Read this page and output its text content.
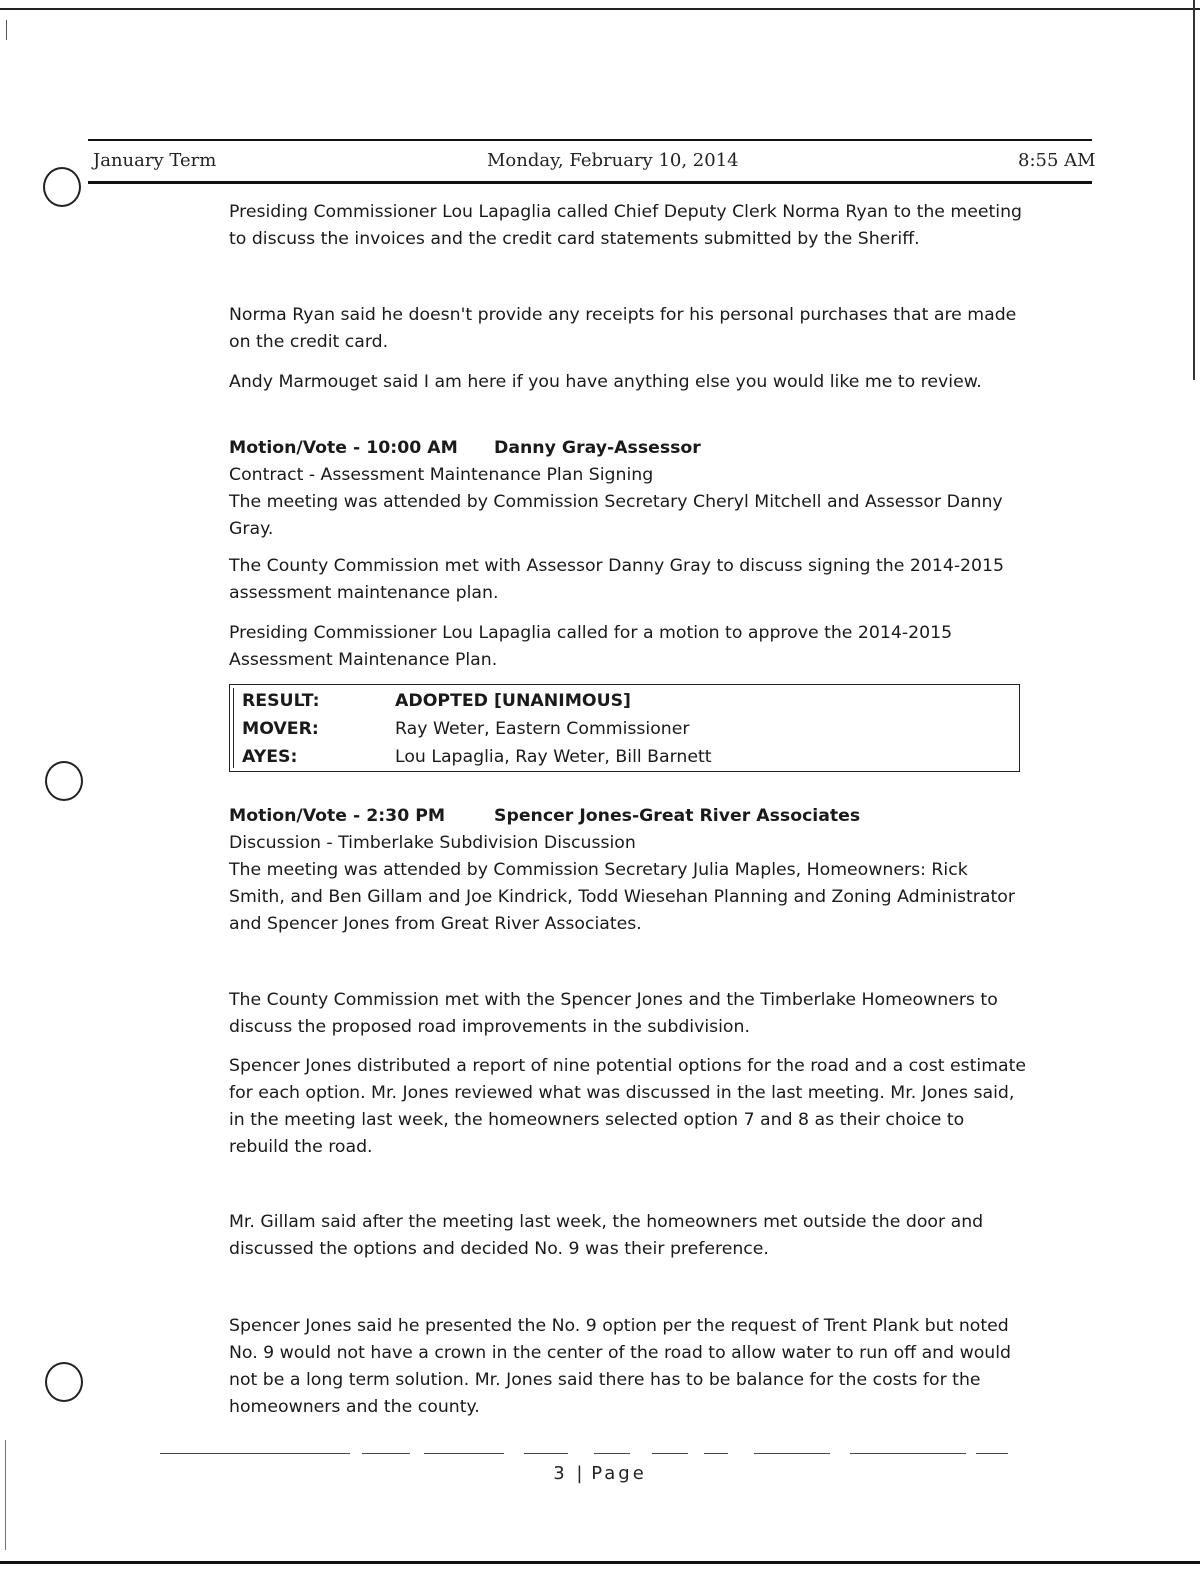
January Term	Monday, February 10, 2014	8:55 AM

Presiding Commissioner Lou Lapaglia called Chief Deputy Clerk Norma Ryan to the meeting to discuss the invoices and the credit card statements submitted by the Sheriff.

Norma Ryan said he doesn't provide any receipts for his personal purchases that are made on the credit card.

Andy Marmouget said I am here if you have anything else you would like me to review.

Motion/Vote - 10:00 AM	Danny Gray-Assessor
Contract - Assessment Maintenance Plan Signing
The meeting was attended by Commission Secretary Cheryl Mitchell and Assessor Danny Gray.
The County Commission met with Assessor Danny Gray to discuss signing the 2014-2015 assessment maintenance plan.
Presiding Commissioner Lou Lapaglia called for a motion to approve the 2014-2015 Assessment Maintenance Plan.
RESULT:	ADOPTED [UNANIMOUS]
MOVER:	Ray Weter, Eastern Commissioner
AYES:	Lou Lapaglia, Ray Weter, Bill Barnett
Motion/Vote - 2:30 PM	Spencer Jones-Great River Associates
Discussion - Timberlake Subdivision Discussion
The meeting was attended by Commission Secretary Julia Maples, Homeowners: Rick Smith, and Ben Gillam and Joe Kindrick, Todd Wiesehan Planning and Zoning Administrator and Spencer Jones from Great River Associates.
The County Commission met with the Spencer Jones and the Timberlake Homeowners to discuss the proposed road improvements in the subdivision.
Spencer Jones distributed a report of nine potential options for the road and a cost estimate for each option. Mr. Jones reviewed what was discussed in the last meeting. Mr. Jones said, in the meeting last week, the homeowners selected option 7 and 8 as their choice to rebuild the road.
Mr. Gillam said after the meeting last week, the homeowners met outside the door and discussed the options and decided No. 9 was their preference.
Spencer Jones said he presented the No. 9 option per the request of Trent Plank but noted No. 9 would not have a crown in the center of the road to allow water to run off and would not be a long term solution. Mr. Jones said there has to be balance for the costs for the homeowners and the county.
3 | Page
